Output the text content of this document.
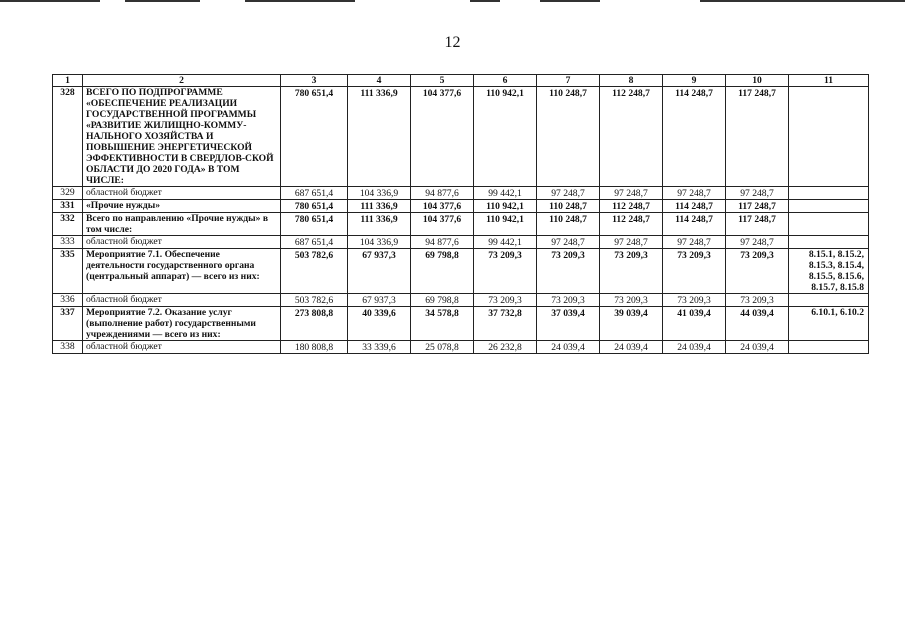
12
1	2	3	4	5	6	7	8	9	10	11
328	ВСЕГО ПО ПОДПРОГРАММЕ «ОБЕСПЕЧЕНИЕ РЕАЛИЗАЦИИ ГОСУДАРСТВЕННОЙ ПРОГРАММЫ «РАЗВИТИЕ ЖИЛИЩНО-КОММУ-НАЛЬНОГО ХОЗЯЙСТВА И ПОВЫШЕНИЕ ЭНЕРГЕТИЧЕСКОЙ ЭФФЕКТИВНОСТИ В СВЕРДЛОВ-СКОЙ ОБЛАСТИ ДО 2020 ГОДА» В ТОМ ЧИСЛЕ:	780 651,4	111 336,9	104 377,6	110 942,1	110 248,7	112 248,7	114 248,7	117 248,7	
329	областной бюджет	687 651,4	104 336,9	94 877,6	99 442,1	97 248,7	97 248,7	97 248,7	97 248,7	
331	«Прочие нужды»	780 651,4	111 336,9	104 377,6	110 942,1	110 248,7	112 248,7	114 248,7	117 248,7	
332	Всего по направлению «Прочие нужды» в том числе:	780 651,4	111 336,9	104 377,6	110 942,1	110 248,7	112 248,7	114 248,7	117 248,7	
333	областной бюджет	687 651,4	104 336,9	94 877,6	99 442,1	97 248,7	97 248,7	97 248,7	97 248,7	
335	Мероприятие 7.1. Обеспечение деятельности государственного органа (центральный аппарат) — всего из них:	503 782,6	67 937,3	69 798,8	73 209,3	73 209,3	73 209,3	73 209,3	73 209,3	8.15.1, 8.15.2, 8.15.3, 8.15.4, 8.15.5, 8.15.6, 8.15.7, 8.15.8
336	областной бюджет	503 782,6	67 937,3	69 798,8	73 209,3	73 209,3	73 209,3	73 209,3	73 209,3	
337	Мероприятие 7.2. Оказание услуг (выполнение работ) государственными учреждениями — всего из них:	273 808,8	40 339,6	34 578,8	37 732,8	37 039,4	39 039,4	41 039,4	44 039,4	6.10.1, 6.10.2
338	областной бюджет	180 808,8	33 339,6	25 078,8	26 232,8	24 039,4	24 039,4	24 039,4	24 039,4	
